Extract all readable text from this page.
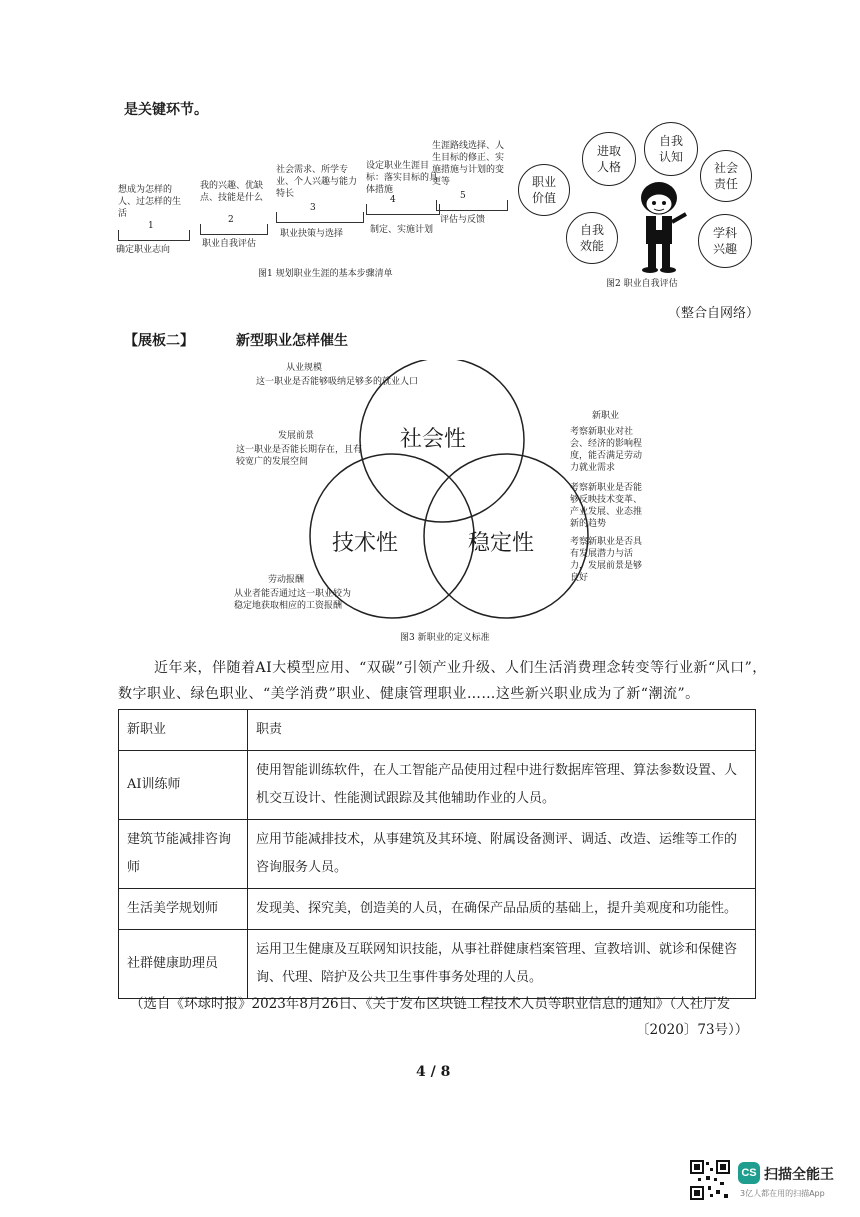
是关键环节。
想成为怎样的人、过怎样的生活
1
确定职业志向
我的兴趣、优缺点、技能是什么
2
职业自我评估
社会需求、所学专业、个人兴趣与能力特长
3
职业抉策与选择
设定职业生涯目标：落实目标的具体措施
4
制定、实施计划
生涯路线选择、人生目标的修正、实施措施与计划的变更等
5
评估与反馈
图1 规划职业生涯的基本步骤清单
职业价值
进取人格
自我认知
社会责任
自我效能
学科兴趣
图2 职业自我评估
（整合自网络）
【展板二】	新型职业怎样催生
社会性
技术性	稳定性
从业规模
这一职业是否能够吸纳足够多的就业人口
发展前景
这一职业是否能长期存在，且有较宽广的发展空间
劳动报酬
从业者能否通过这一职业较为稳定地获取相应的工资报酬
新职业
考察新职业对社会、经济的影响程度，能否满足劳动力就业需求
考察新职业是否能够反映技术变革、产业发展、业态推新的趋势
考察新职业是否具有发展潜力与活力，发展前景是够良好
图3 新职业的定义标准
近年来，伴随着AI大模型应用、“双碳”引领产业升级、人们生活消费理念转变等行业新“风口”，
数字职业、绿色职业、“美学消费”职业、健康管理职业……这些新兴职业成为了新“潮流”。
新职业	职责
AI训练师	使用智能训练软件，在人工智能产品使用过程中进行数据库管理、算法参数设置、人机交互设计、性能测试跟踪及其他辅助作业的人员。
建筑节能减排咨询师	应用节能减排技术，从事建筑及其环境、附属设备测评、调适、改造、运维等工作的咨询服务人员。
生活美学规划师	发现美、探究美，创造美的人员，在确保产品品质的基础上，提升美观度和功能性。
社群健康助理员	运用卫生健康及互联网知识技能，从事社群健康档案管理、宣教培训、就诊和保健咨询、代理、陪护及公共卫生事件事务处理的人员。
（选自《环球时报》2023年8月26日、《关于发布区块链工程技术人员等职业信息的通知》（人社厅发
〔2020〕73号））
4 / 8
CS 扫描全能王
3亿人都在用的扫描App
